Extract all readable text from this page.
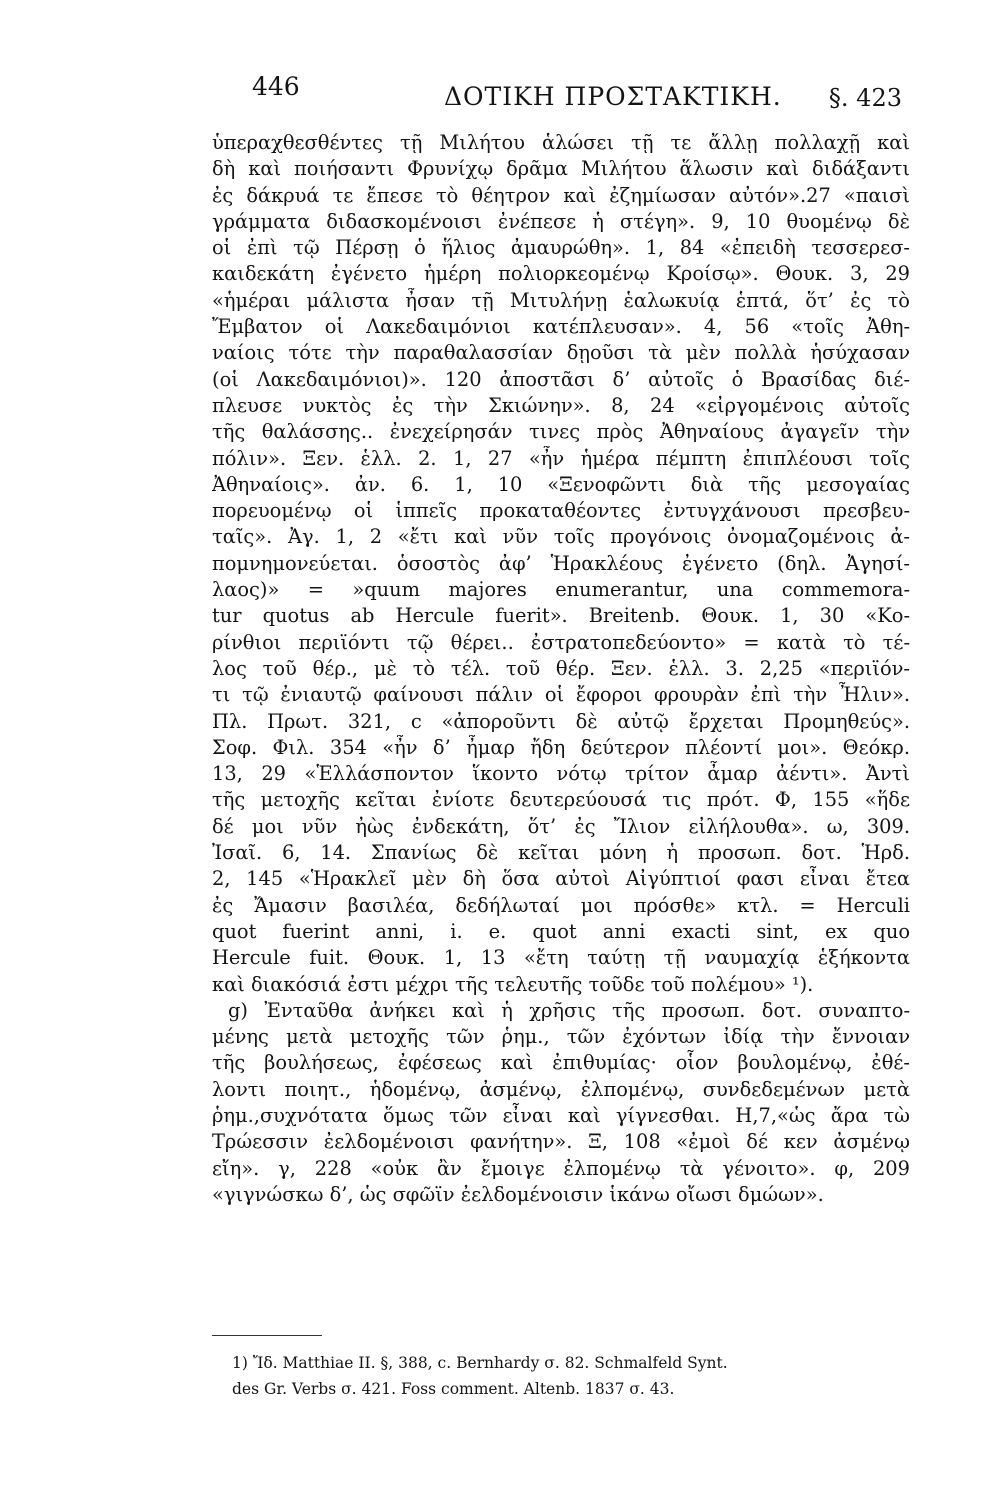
446	ΔΟΤΙΚΗ ΠΡΟΣΤΑΚΤΙΚΗ. §. 423
ὑπεραχθεσθέντες τῇ Μιλήτου ἁλώσει τῇ τε ἄλλῃ πολλαχῇ καὶ
δὴ καὶ ποιήσαντι Φρυνίχῳ δρᾶμα Μιλήτου ἅλωσιν καὶ διδάξαντι
ἐς δάκρυά τε ἔπεσε τὸ θέητρον καὶ ἐζημίωσαν αὐτόν».27 «παισὶ
γράμματα διδασκομένοισι ἐνέπεσε ἡ στέγη». 9, 10 θυομένῳ δὲ
οἱ ἐπὶ τῷ Πέρσῃ ὁ ἥλιος ἀμαυρώθη». 1, 84 «ἐπειδὴ τεσσερεσ-
καιδεκάτη ἐγένετο ἡμέρη πολιορκεομένῳ Κροίσῳ». Θουκ. 3, 29
«ἡμέραι μάλιστα ἦσαν τῇ Μιτυλήνῃ ἑαλωκυίᾳ ἑπτά, ὅτ’ ἐς τὸ
Ἔμβατον οἱ Λακεδαιμόνιοι κατέπλευσαν». 4, 56 «τοῖς Ἀθη-
ναίοις τότε τὴν παραθαλασσίαν δῃοῦσι τὰ μὲν πολλὰ ἡσύχασαν
(οἱ Λακεδαιμόνιοι)». 120 ἀποστᾶσι δ’ αὐτοῖς ὁ Βρασίδας διέ-
πλευσε νυκτὸς ἐς τὴν Σκιώνην». 8, 24 «εἰργομένοις αὐτοῖς
τῆς θαλάσσης.. ἐνεχείρησάν τινες πρὸς Ἀθηναίους ἀγαγεῖν τὴν
πόλιν». Ξεν. ἑλλ. 2. 1, 27 «ἦν ἡμέρα πέμπτη ἐπιπλέουσι τοῖς
Ἀθηναίοις». ἀν. 6. 1, 10 «Ξενοφῶντι διὰ τῆς μεσογαίας
πορευομένῳ οἱ ἱππεῖς προκαταθέοντες ἐντυγχάνουσι πρεσβευ-
ταῖς». Ἀγ. 1, 2 «ἔτι καὶ νῦν τοῖς προγόνοις ὀνομαζομένοις ἀ-
πομνημονεύεται. ὁσοστὸς ἀφ’ Ἡρακλέους ἐγένετο (δηλ. Ἀγησί-
λαος)» = »quum majores enumerantur, una commemora-
tur quotus ab Hercule fuerit». Breitenb. Θουκ. 1, 30 «Κο-
ρίνθιοι περιϊόντι τῷ θέρει.. ἐστρατοπεδεύοντο» = κατὰ τὸ τέ-
λος τοῦ θέρ., μὲ τὸ τέλ. τοῦ θέρ. Ξεν. ἑλλ. 3. 2,25 «περιϊόν-
τι τῷ ἐνιαυτῷ φαίνουσι πάλιν οἱ ἔφοροι φρουρὰν ἐπὶ τὴν Ἦλιν».
Πλ. Πρωτ. 321, c «ἀποροῦντι δὲ αὐτῷ ἔρχεται Προμηθεύς».
Σοφ. Φιλ. 354 «ἦν δ’ ἦμαρ ἤδη δεύτερον πλέοντί μοι». Θεόκρ.
13, 29 «Ἑλλάσποντον ἵκοντο νότῳ τρίτον ἆμαρ ἀέντι». Ἀντὶ
τῆς μετοχῆς κεῖται ἐνίοτε δευτερεύουσά τις πρότ. Φ, 155 «ἥδε
δέ μοι νῦν ἠὼς ἐνδεκάτη, ὅτ’ ἐς Ἴλιον εἰλήλουθα». ω, 309.
Ἰσαῖ. 6, 14. Σπανίως δὲ κεῖται μόνη ἡ προσωπ. δοτ. Ἡρδ.
2, 145 «Ἡρακλεῖ μὲν δὴ ὅσα αὐτοὶ Αἰγύπτιοί φασι εἶναι ἔτεα
ἐς Ἄμασιν βασιλέα, δεδήλωταί μοι πρόσθε» κτλ. = Herculi
quot fuerint anni, i. e. quot anni exacti sint, ex quo
Hercule fuit. Θουκ. 1, 13 «ἔτη ταύτῃ τῇ ναυμαχίᾳ ἑξήκοντα
καὶ διακόσιά ἐστι μέχρι τῆς τελευτῆς τοῦδε τοῦ πολέμου» ¹).
g) Ἐνταῦθα ἀνήκει καὶ ἡ χρῆσις τῆς προσωπ. δοτ. συναπτο-
μένης μετὰ μετοχῆς τῶν ῥημ., τῶν ἐχόντων ἰδίᾳ τὴν ἔννοιαν
τῆς βουλήσεως, ἐφέσεως καὶ ἐπιθυμίας· οἷον βουλομένῳ, ἐθέ-
λοντι ποιητ., ἡδομένῳ, ἀσμένῳ, ἐλπομένῳ, συνδεδεμένων μετὰ
ῥημ.,συχνότατα ὅμως τῶν εἶναι καὶ γίγνεσθαι. Η,7,«ὡς ἄρα τὼ
Τρώεσσιν ἐελδομένοισι φανήτην». Ξ, 108 «ἐμοὶ δέ κεν ἀσμένῳ
εἴη». γ, 228 «οὐκ ἂν ἔμοιγε ἐλπομένῳ τὰ γένοιτο». φ, 209
«γιγνώσκω δ’, ὡς σφῶϊν ἐελδομένοισιν ἱκάνω οἴωσι δμώων».
1) Ἴδ. Matthiae II. §, 388, c. Bernhardy σ. 82. Schmalfeld Synt.
des Gr. Verbs σ. 421. Foss comment. Altenb. 1837 σ. 43.
